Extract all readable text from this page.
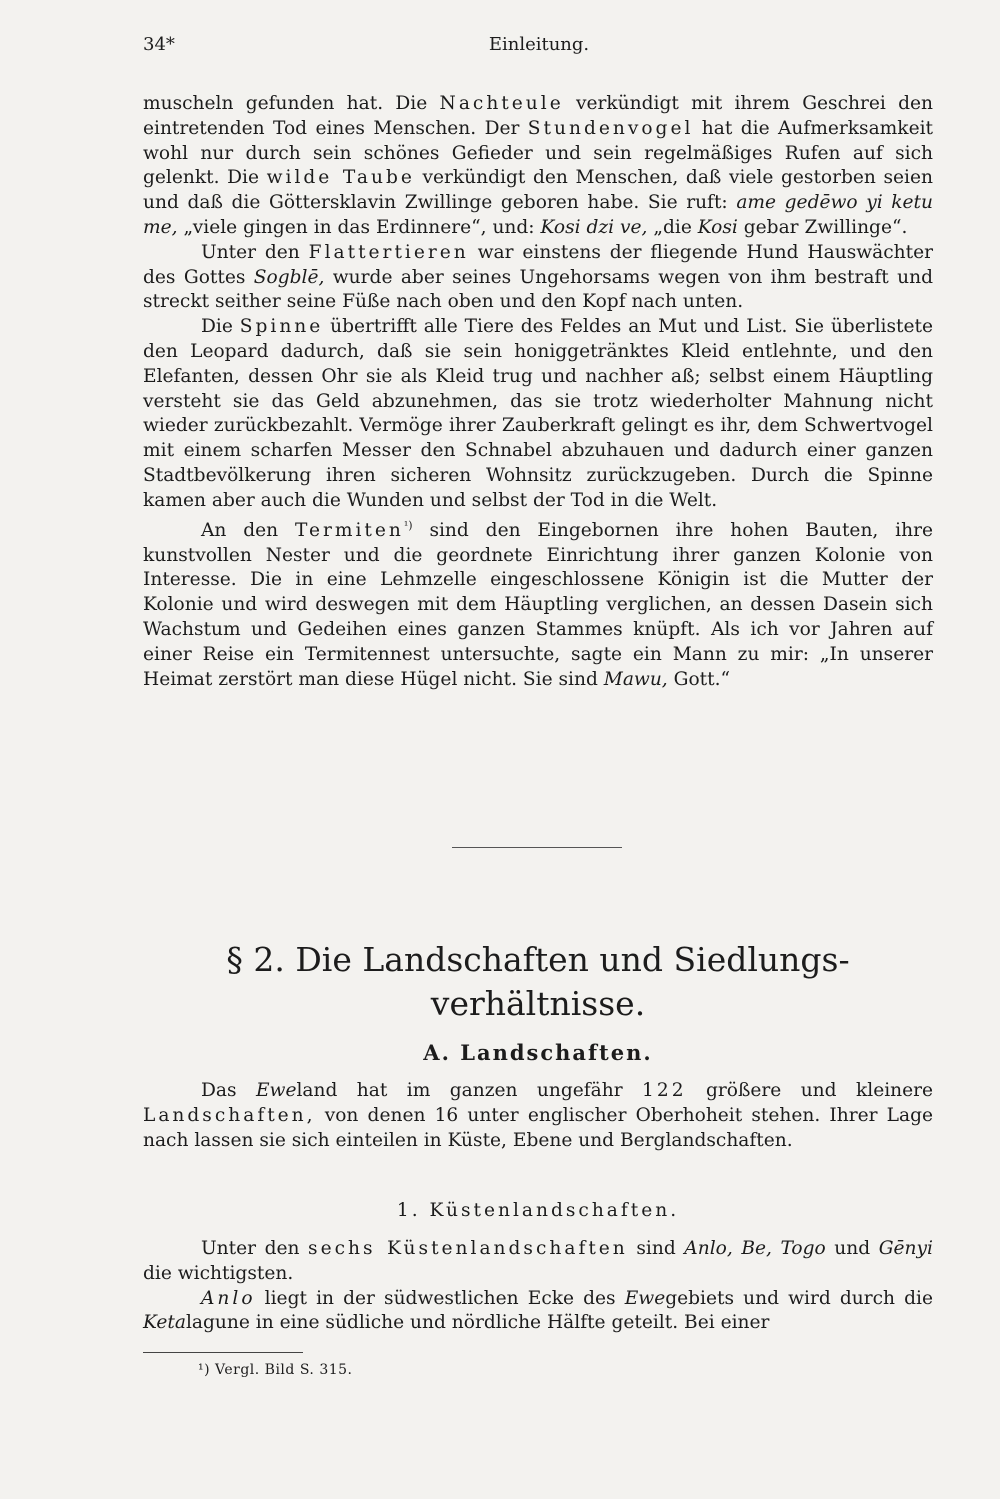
34*	Einleitung.

muscheln gefunden hat. Die Nachteule verkündigt mit ihrem Geschrei den eintretenden Tod eines Menschen. Der Stundenvogel hat die Aufmerksamkeit wohl nur durch sein schönes Gefieder und sein regelmäßiges Rufen auf sich gelenkt. Die wilde Taube verkündigt den Menschen, daß viele gestorben seien und daß die Göttersklavin Zwillinge geboren habe. Sie ruft: ame gedēwo yi ketu me, „viele gingen in das Erdinnere“, und: Kosi dzi ve, „die Kosi gebar Zwillinge“.

Unter den Flattertieren war einstens der fliegende Hund Hauswächter des Gottes Sogblē, wurde aber seines Ungehorsams wegen von ihm bestraft und streckt seither seine Füße nach oben und den Kopf nach unten.

Die Spinne übertrifft alle Tiere des Feldes an Mut und List. Sie überlistete den Leopard dadurch, daß sie sein honiggetränktes Kleid entlehnte, und den Elefanten, dessen Ohr sie als Kleid trug und nachher aß; selbst einem Häuptling versteht sie das Geld abzunehmen, das sie trotz wiederholter Mahnung nicht wieder zurückbezahlt. Vermöge ihrer Zauberkraft gelingt es ihr, dem Schwertvogel mit einem scharfen Messer den Schnabel abzuhauen und dadurch einer ganzen Stadtbevölkerung ihren sicheren Wohnsitz zurückzugeben. Durch die Spinne kamen aber auch die Wunden und selbst der Tod in die Welt.

An den Termiten$^{^1)}$ sind den Eingebornen ihre hohen Bauten, ihre kunstvollen Nester und die geordnete Einrichtung ihrer ganzen Kolonie von Interesse. Die in eine Lehmzelle eingeschlossene Königin ist die Mutter der Kolonie und wird deswegen mit dem Häuptling verglichen, an dessen Dasein sich Wachstum und Gedeihen eines ganzen Stammes knüpft. Als ich vor Jahren auf einer Reise ein Termitennest untersuchte, sagte ein Mann zu mir: „In unserer Heimat zerstört man diese Hügel nicht. Sie sind Mawu, Gott.“

§ 2. Die Landschaften und Siedlungs-
verhältnisse.
A. Landschaften.

Das Eweland hat im ganzen ungefähr 122 größere und kleinere Landschaften, von denen 16 unter englischer Oberhoheit stehen. Ihrer Lage nach lassen sie sich einteilen in Küste, Ebene und Berglandschaften.

1. Küstenlandschaften.

Unter den sechs Küstenlandschaften sind Anlo, Be, Togo und Gēnyi die wichtigsten.

Anlo liegt in der südwestlichen Ecke des Ewegebiets und wird durch die Ketalagune in eine südliche und nördliche Hälfte geteilt. Bei einer

¹) Vergl. Bild S. 315.
